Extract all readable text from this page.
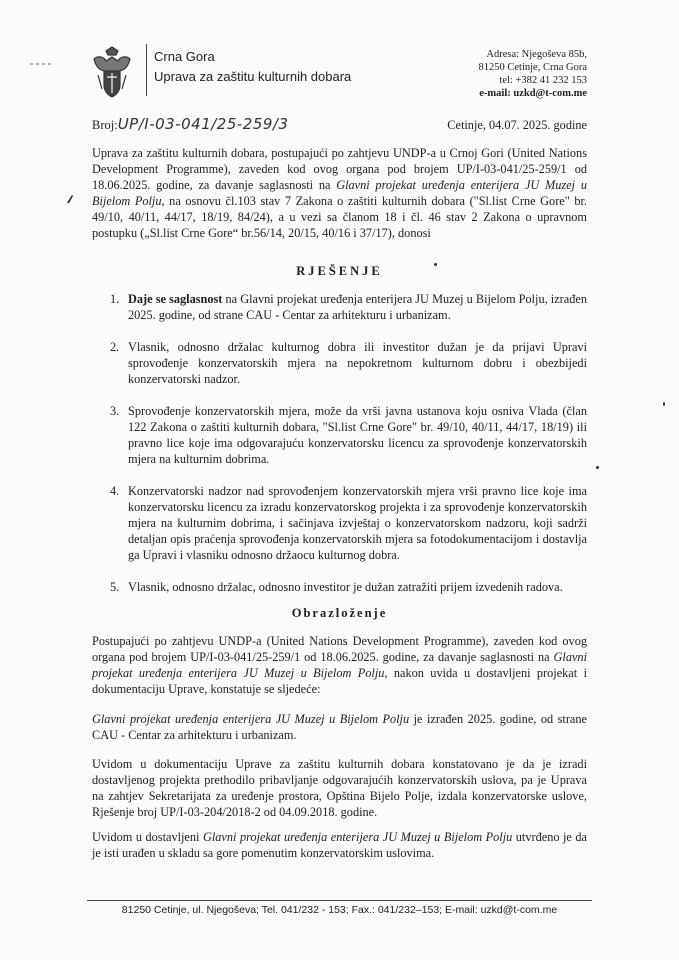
Crna Gora
Uprava za zaštitu kulturnih dobara
Adresa: Njegoševa 85b,
81250 Cetinje, Crna Gora
tel: +382 41 232 153
e-mail: uzkd@t-com.me
Broj:UP/I-03-041/25-259/3	Cetinje, 04.07. 2025. godine
Uprava za zaštitu kulturnih dobara, postupajući po zahtjevu UNDP-a u Crnoj Gori (United Nations Development Programme), zaveden kod ovog organa pod brojem UP/I-03-041/25-259/1 od 18.06.2025. godine, za davanje saglasnosti na Glavni projekat uređenja enterijera JU Muzej u Bijelom Polju, na osnovu čl.103 stav 7 Zakona o zaštiti kulturnih dobara ("Sl.list Crne Gore" br. 49/10, 40/11, 44/17, 18/19, 84/24), a u vezi sa članom 18 i čl. 46 stav 2 Zakona o upravnom postupku („Sl.list Crne Gore“ br.56/14, 20/15, 40/16 i 37/17), donosi
RJEŠENJE
1. Daje se saglasnost na Glavni projekat uređenja enterijera JU Muzej u Bijelom Polju, izrađen 2025. godine, od strane CAU - Centar za arhitekturu i urbanizam.
2. Vlasnik, odnosno držalac kulturnog dobra ili investitor dužan je da prijavi Upravi sprovođenje konzervatorskih mjera na nepokretnom kulturnom dobru i obezbijedi konzervatorski nadzor.
3. Sprovođenje konzervatorskih mjera, može da vrši javna ustanova koju osniva Vlada (član 122 Zakona o zaštiti kulturnih dobara, "Sl.list Crne Gore" br. 49/10, 40/11, 44/17, 18/19) ili pravno lice koje ima odgovarajuću konzervatorsku licencu za sprovođenje konzervatorskih mjera na kulturnim dobrima.
4. Konzervatorski nadzor nad sprovođenjem konzervatorskih mjera vrši pravno lice koje ima konzervatorsku licencu za izradu konzervatorskog projekta i za sprovođenje konzervatorskih mjera na kulturnim dobrima, i sačinjava izvještaj o konzervatorskom nadzoru, koji sadrži detaljan opis praćenja sprovođenja konzervatorskih mjera sa fotodokumentacijom i dostavlja ga Upravi i vlasniku odnosno držaocu kulturnog dobra.
5. Vlasnik, odnosno držalac, odnosno investitor je dužan zatražiti prijem izvedenih radova.
Obrazloženje
Postupajući po zahtjevu UNDP-a (United Nations Development Programme), zaveden kod ovog organa pod brojem UP/I-03-041/25-259/1 od 18.06.2025. godine, za davanje saglasnosti na Glavni projekat uređenja enterijera JU Muzej u Bijelom Polju, nakon uvida u dostavljeni projekat i dokumentaciju Uprave, konstatuje se sljedeće:
Glavni projekat uređenja enterijera JU Muzej u Bijelom Polju je izrađen 2025. godine, od strane CAU - Centar za arhitekturu i urbanizam.
Uvidom u dokumentaciju Uprave za zaštitu kulturnih dobara konstatovano je da je izradi dostavljenog projekta prethodilo pribavljanje odgovarajućih konzervatorskih uslova, pa je Uprava na zahtjev Sekretarijata za uređenje prostora, Opština Bijelo Polje, izdala konzervatorske uslove, Rješenje broj UP/I-03-204/2018-2 od 04.09.2018. godine.
Uvidom u dostavljeni Glavni projekat uređenja enterijera JU Muzej u Bijelom Polju utvrđeno je da je isti urađen u skladu sa gore pomenutim konzervatorskim uslovima.
81250 Cetinje, ul. Njegoševa; Tel. 041/232 - 153; Fax.: 041/232–153; E-mail: uzkd@t-com.me
